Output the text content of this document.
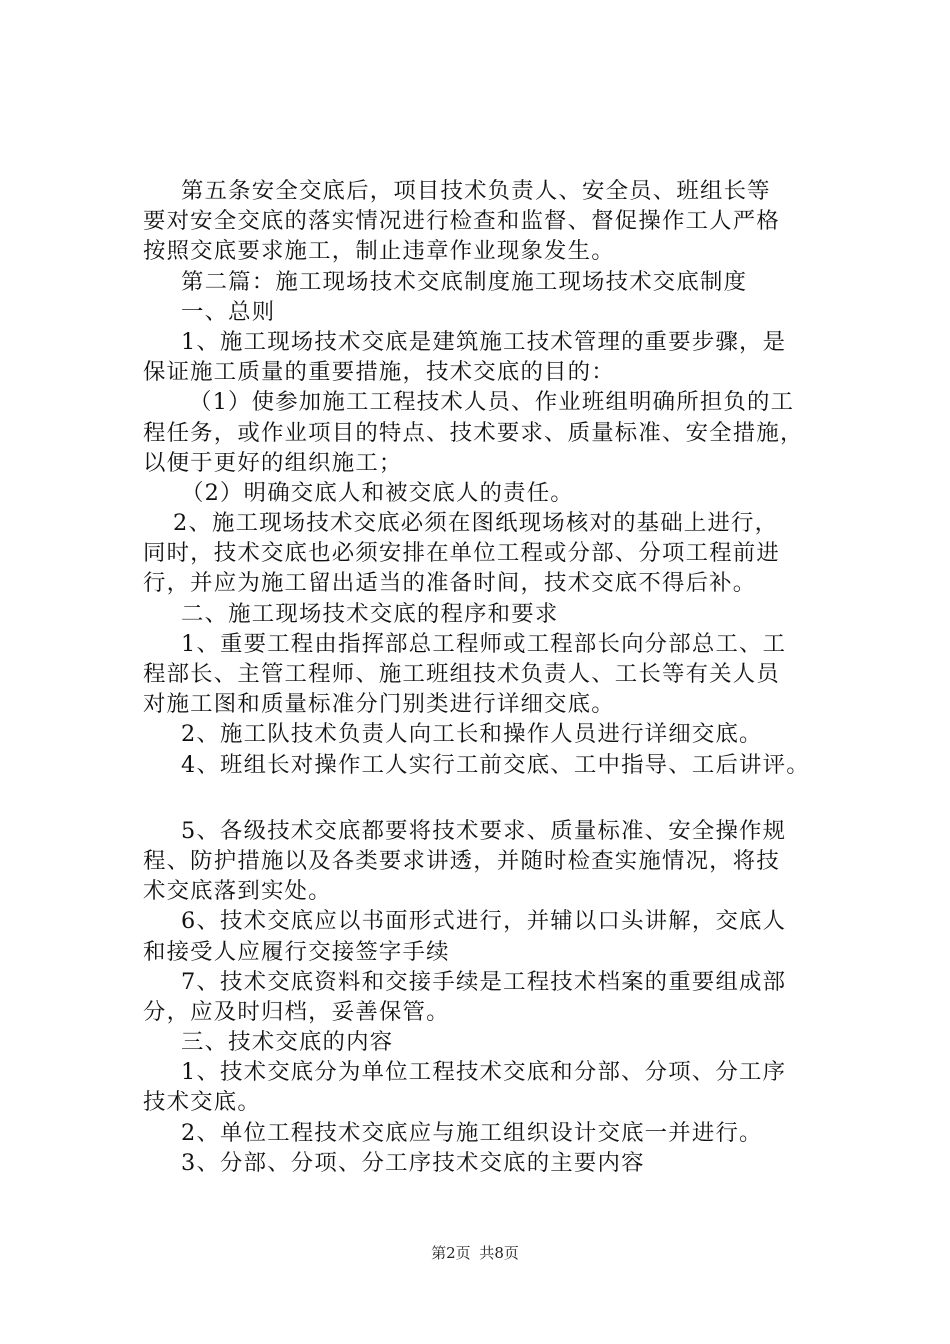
第五条安全交底后，项目技术负责人、安全员、班组长等
要对安全交底的落实情况进行检查和监督、督促操作工人严格
按照交底要求施工，制止违章作业现象发生。
第二篇：施工现场技术交底制度施工现场技术交底制度
一、总则
1、施工现场技术交底是建筑施工技术管理的重要步骤，是
保证施工质量的重要措施，技术交底的目的：
（1）使参加施工工程技术人员、作业班组明确所担负的工
程任务，或作业项目的特点、技术要求、质量标准、安全措施，
以便于更好的组织施工；
（2）明确交底人和被交底人的责任。
2、施工现场技术交底必须在图纸现场核对的基础上进行，
同时，技术交底也必须安排在单位工程或分部、分项工程前进
行，并应为施工留出适当的准备时间，技术交底不得后补。
二、施工现场技术交底的程序和要求
1、重要工程由指挥部总工程师或工程部长向分部总工、工
程部长、主管工程师、施工班组技术负责人、工长等有关人员
对施工图和质量标准分门别类进行详细交底。
2、施工队技术负责人向工长和操作人员进行详细交底。
4、班组长对操作工人实行工前交底、工中指导、工后讲评。
5、各级技术交底都要将技术要求、质量标准、安全操作规
程、防护措施以及各类要求讲透，并随时检查实施情况，将技
术交底落到实处。
6、技术交底应以书面形式进行，并辅以口头讲解，交底人
和接受人应履行交接签字手续
7、技术交底资料和交接手续是工程技术档案的重要组成部
分，应及时归档，妥善保管。
三、技术交底的内容
1、技术交底分为单位工程技术交底和分部、分项、分工序
技术交底。
2、单位工程技术交底应与施工组织设计交底一并进行。
3、分部、分项、分工序技术交底的主要内容
第2页 共8页
